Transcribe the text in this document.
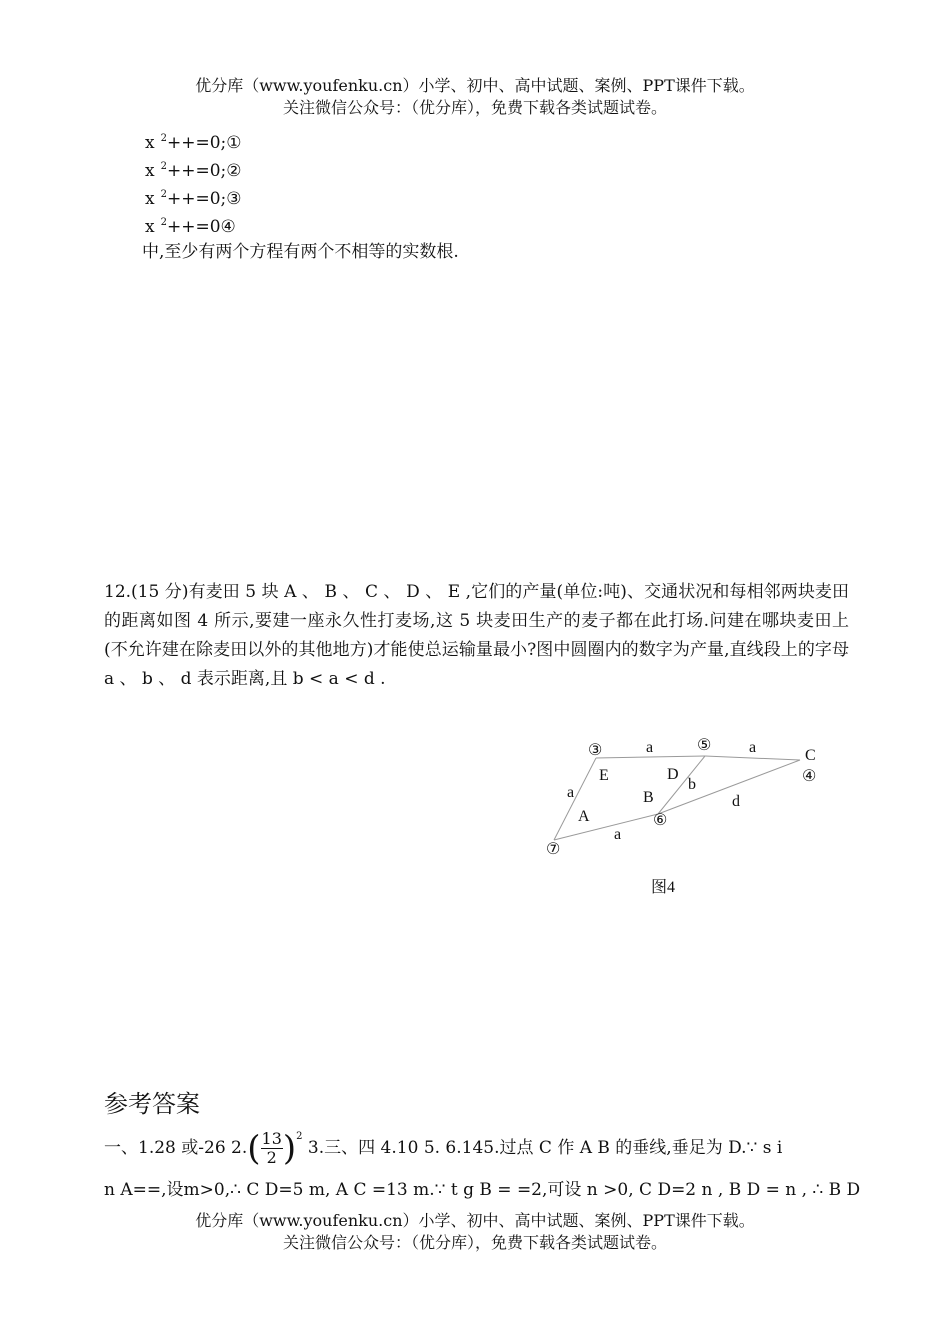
优分库（www.youfenku.cn）小学、初中、高中试题、案例、PPT课件下载。
关注微信公众号：（优分库），免费下载各类试题试卷。
x $^2$++=0;①
x $^2$++=0;②
x $^2$++=0;③
x $^2$++=0④
中,至少有两个方程有两个不相等的实数根.
12.(15 分)有麦田 5 块 A 、 B 、 C 、 D 、 E ,它们的产量(单位:吨)、交通状况和每相邻两块麦田的距离如图 4 所示,要建一座永久性打麦场,这 5 块麦田生产的麦子都在此打场.问建在哪块麦田上(不允许建在除麦田以外的其他地方)才能使总运输量最小?图中圆圈内的数字为产量,直线段上的字母 a 、 b 、 d 表示距离,且 b < a < d .
③	⑤
④
⑥
⑦
E	D
C
B
A
a	a
a
a
b
d
图4
参考答案
一、1.28 或-26 $2.( \frac{13}{2} )^2$ 3.三、四 4.10 5. 6.145.过点 C 作 A B 的垂线,垂足为 D.∵ s i
n A==,设m>0,∴ C D=5 m, A C =13 m.∵ t g B = =2,可设 n >0, C D=2 n , B D = n , ∴ B D
优分库（www.youfenku.cn）小学、初中、高中试题、案例、PPT课件下载。
关注微信公众号：（优分库），免费下载各类试题试卷。
